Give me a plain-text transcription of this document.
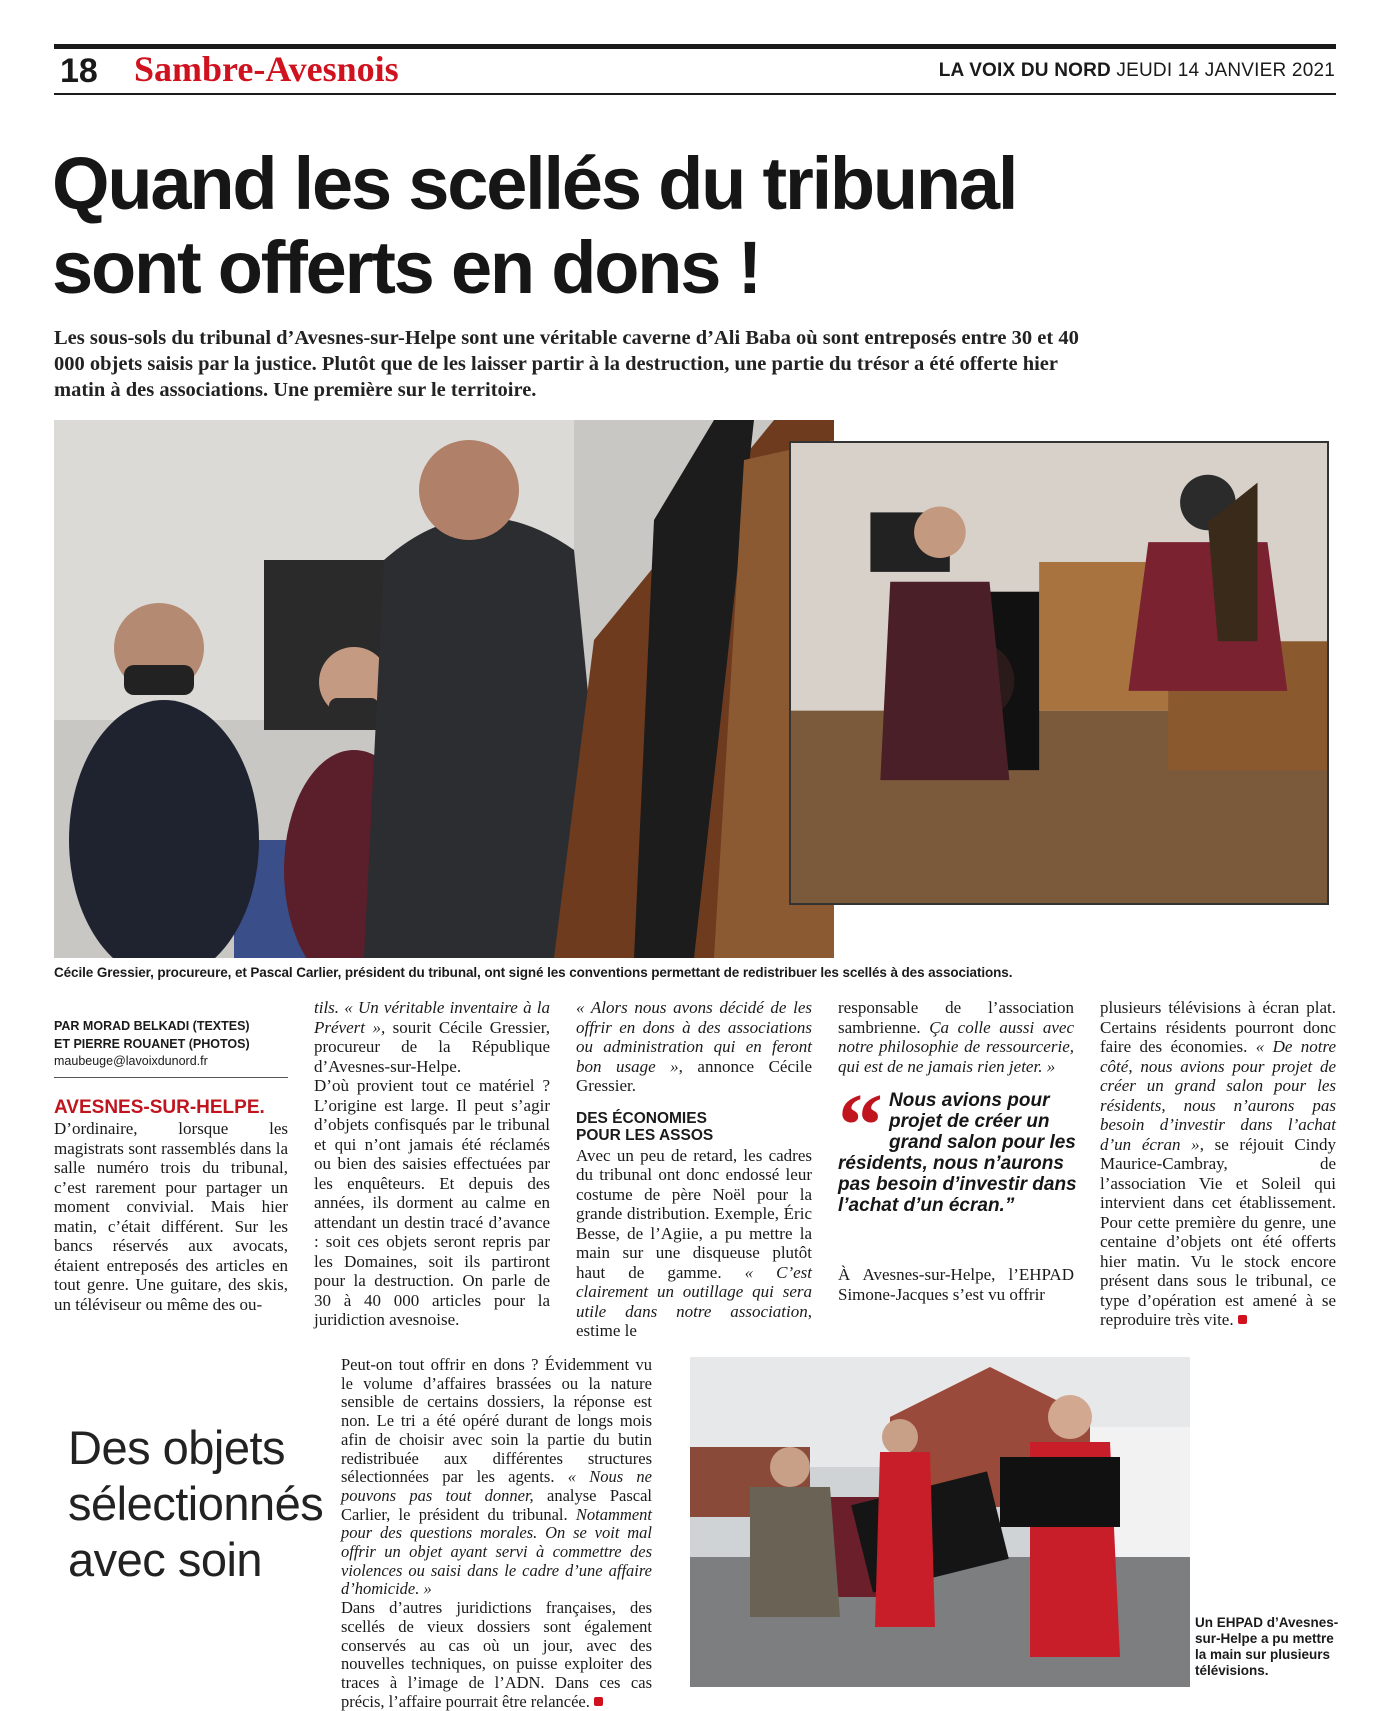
18 Sambre-Avesnois	LA VOIX DU NORD JEUDI 14 JANVIER 2021
Quand les scellés du tribunal sont offerts en dons !

Les sous-sols du tribunal d’Avesnes-sur-Helpe sont une véritable caverne d’Ali Baba où sont entreposés entre 30 et 40 000 objets saisis par la justice. Plutôt que de les laisser partir à la destruction, une partie du trésor a été offerte hier matin à des associations. Une première sur le territoire.

Cécile Gressier, procureure, et Pascal Carlier, président du tribunal, ont signé les conventions permettant de redistribuer les scellés à des associations.
PAR MORAD BELKADI (TEXTES)
ET PIERRE ROUANET (PHOTOS)
maubeuge@lavoixdunord.fr
AVESNES-SUR-HELPE.

D’ordinaire, lorsque les magistrats sont rassemblés dans la salle numéro trois du tribunal, c’est rarement pour partager un moment convivial. Mais hier matin, c’était différent. Sur les bancs réservés aux avocats, étaient entreposés des articles en tout genre. Une guitare, des skis, un téléviseur ou même des ou-

tils. « Un véritable inventaire à la Prévert », sourit Cécile Gressier, procureur de la République d’Avesnes-sur-Helpe.

D’où provient tout ce matériel ? L’origine est large. Il peut s’agir d’objets confisqués par le tribunal et qui n’ont jamais été réclamés ou bien des saisies effectuées par les enquêteurs. Et depuis des années, ils dorment au calme en attendant un destin tracé d’avance : soit ces objets seront repris par les Domaines, soit ils partiront pour la destruction. On parle de 30 à 40 000 articles pour la juridiction avesnoise.

« Alors nous avons décidé de les offrir en dons à des associations ou administration qui en feront bon usage », annonce Cécile Gressier.

DES ÉCONOMIES
POUR LES ASSOS

Avec un peu de retard, les cadres du tribunal ont donc endossé leur costume de père Noël pour la grande distribution. Exemple, Éric Besse, de l’Agiie, a pu mettre la main sur une disqueuse plutôt haut de gamme. « C’est clairement un outillage qui sera utile dans notre association, estime le

responsable de l’association sambrienne. Ça colle aussi avec notre philosophie de ressourcerie, qui est de ne jamais rien jeter. »

“ Nous avions pour projet de créer un grand salon pour les résidents, nous n’aurons pas besoin d’investir dans l’achat d’un écran.”

À Avesnes-sur-Helpe, l’EHPAD Simone-Jacques s’est vu offrir

plusieurs télévisions à écran plat. Certains résidents pourront donc faire des économies. « De notre côté, nous avions pour projet de créer un grand salon pour les résidents, nous n’aurons pas besoin d’investir dans l’achat d’un écran », se réjouit Cindy Maurice-Cambray, de l’association Vie et Soleil qui intervient dans cet établissement. Pour cette première du genre, une centaine d’objets ont été offerts hier matin. Vu le stock encore présent dans sous le tribunal, ce type d’opération est amené à se reproduire très vite.

Des objets sélectionnés avec soin

Peut-on tout offrir en dons ? Évidemment vu le volume d’affaires brassées ou la nature sensible de certains dossiers, la réponse est non. Le tri a été opéré durant de longs mois afin de choisir avec soin la partie du butin redistribuée aux différentes structures sélectionnées par les agents. « Nous ne pouvons pas tout donner, analyse Pascal Carlier, le président du tribunal. Notamment pour des questions morales. On se voit mal offrir un objet ayant servi à commettre des violences ou saisi dans le cadre d’une affaire d’homicide. »

Dans d’autres juridictions françaises, des scellés de vieux dossiers sont également conservés au cas où un jour, avec des nouvelles techniques, on puisse exploiter des traces à l’image de l’ADN. Dans ces cas précis, l’affaire pourrait être relancée.

Un EHPAD d’Avesnes-sur-Helpe a pu mettre la main sur plusieurs télévisions.
